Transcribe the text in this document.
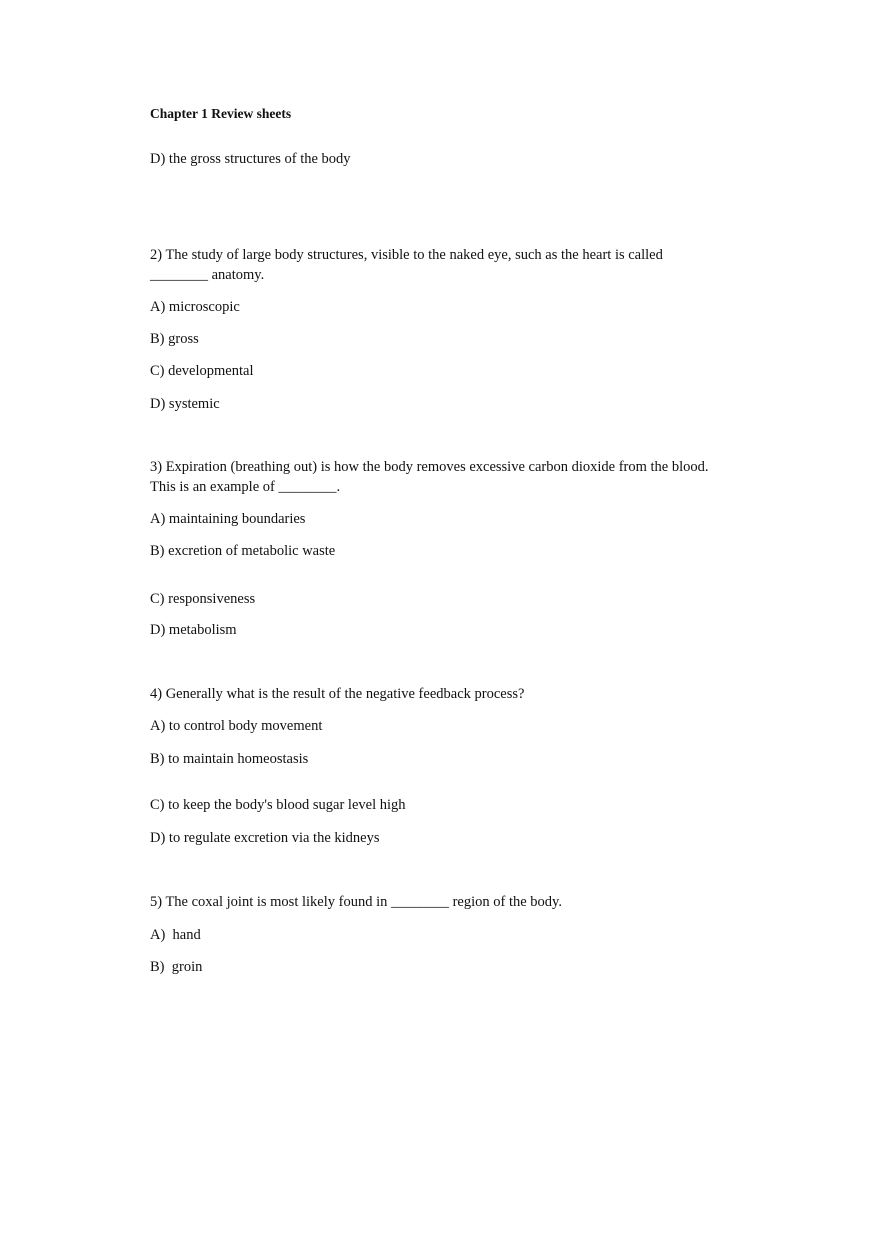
Chapter 1 Review sheets
D) the gross structures of the body
2) The study of large body structures, visible to the naked eye, such as the heart is called
________ anatomy.
A) microscopic
B) gross
C) developmental
D) systemic
3) Expiration (breathing out) is how the body removes excessive carbon dioxide from the blood.
This is an example of ________.
A) maintaining boundaries
B) excretion of metabolic waste
C) responsiveness
D) metabolism
4) Generally what is the result of the negative feedback process?
A) to control body movement
B) to maintain homeostasis
C) to keep the body's blood sugar level high
D) to regulate excretion via the kidneys
5) The coxal joint is most likely found in ________ region of the body.
A)  hand
B)  groin
